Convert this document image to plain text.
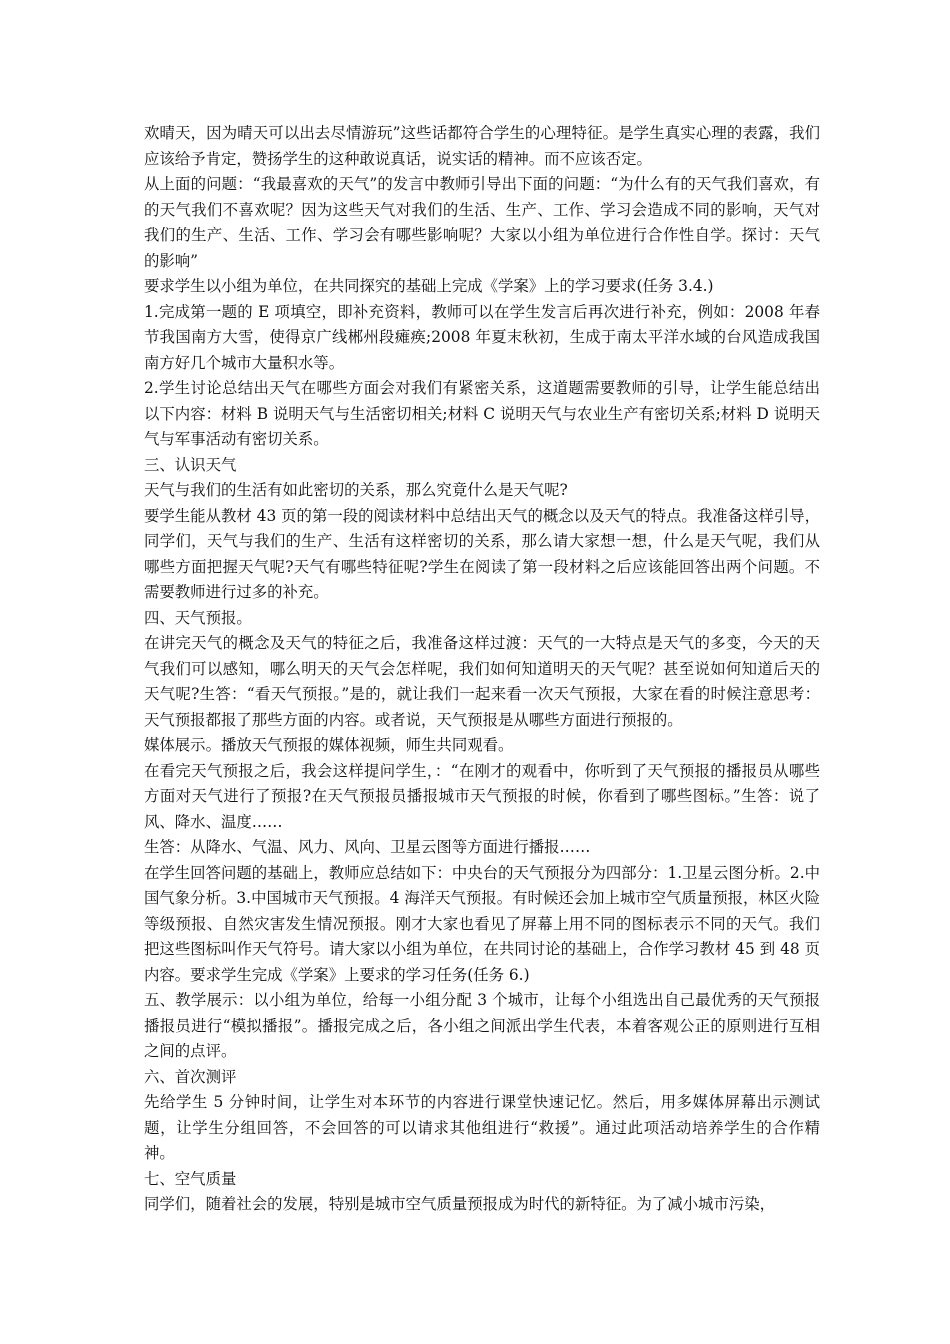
欢晴天，因为晴天可以出去尽情游玩”这些话都符合学生的心理特征。是学生真实心理的表露，我们应该给予肯定，赞扬学生的这种敢说真话，说实话的精神。而不应该否定。

从上面的问题：“我最喜欢的天气”的发言中教师引导出下面的问题：“为什么有的天气我们喜欢，有的天气我们不喜欢呢？因为这些天气对我们的生活、生产、工作、学习会造成不同的影响，天气对我们的生产、生活、工作、学习会有哪些影响呢？大家以小组为单位进行合作性自学。探讨：天气的影响”

要求学生以小组为单位，在共同探究的基础上完成《学案》上的学习要求(任务 3.4.)

1.完成第一题的 E 项填空，即补充资料，教师可以在学生发言后再次进行补充，例如：2008 年春节我国南方大雪，使得京广线郴州段瘫痪;2008 年夏末秋初，生成于南太平洋水域的台风造成我国南方好几个城市大量积水等。

2.学生讨论总结出天气在哪些方面会对我们有紧密关系，这道题需要教师的引导，让学生能总结出以下内容：材料 B 说明天气与生活密切相关;材料 C 说明天气与农业生产有密切关系;材料 D 说明天气与军事活动有密切关系。

三、认识天气

天气与我们的生活有如此密切的关系，那么究竟什么是天气呢?

要学生能从教材 43 页的第一段的阅读材料中总结出天气的概念以及天气的特点。我准备这样引导，同学们，天气与我们的生产、生活有这样密切的关系，那么请大家想一想，什么是天气呢，我们从哪些方面把握天气呢?天气有哪些特征呢?学生在阅读了第一段材料之后应该能回答出两个问题。不需要教师进行过多的补充。

四、天气预报。

在讲完天气的概念及天气的特征之后，我准备这样过渡：天气的一大特点是天气的多变，今天的天气我们可以感知，哪么明天的天气会怎样呢，我们如何知道明天的天气呢？甚至说如何知道后天的天气呢?生答：“看天气预报。”是的，就让我们一起来看一次天气预报，大家在看的时候注意思考：天气预报都报了那些方面的内容。或者说，天气预报是从哪些方面进行预报的。

媒体展示。播放天气预报的媒体视频，师生共同观看。

在看完天气预报之后，我会这样提问学生，：“在刚才的观看中，你听到了天气预报的播报员从哪些方面对天气进行了预报?在天气预报员播报城市天气预报的时候，你看到了哪些图标。”生答：说了风、降水、温度……

生答：从降水、气温、风力、风向、卫星云图等方面进行播报……

在学生回答问题的基础上，教师应总结如下：中央台的天气预报分为四部分：1.卫星云图分析。2.中国气象分析。3.中国城市天气预报。4 海洋天气预报。有时候还会加上城市空气质量预报，林区火险等级预报、自然灾害发生情况预报。刚才大家也看见了屏幕上用不同的图标表示不同的天气。我们把这些图标叫作天气符号。请大家以小组为单位，在共同讨论的基础上，合作学习教材 45 到 48 页内容。要求学生完成《学案》上要求的学习任务(任务 6.)

五、教学展示：以小组为单位，给每一小组分配 3 个城市，让每个小组选出自己最优秀的天气预报播报员进行“模拟播报”。播报完成之后，各小组之间派出学生代表，本着客观公正的原则进行互相之间的点评。

六、首次测评

先给学生 5 分钟时间，让学生对本环节的内容进行课堂快速记忆。然后，用多媒体屏幕出示测试题，让学生分组回答，不会回答的可以请求其他组进行“救援”。通过此项活动培养学生的合作精神。

七、空气质量

同学们，随着社会的发展，特别是城市空气质量预报成为时代的新特征。为了减小城市污染，
